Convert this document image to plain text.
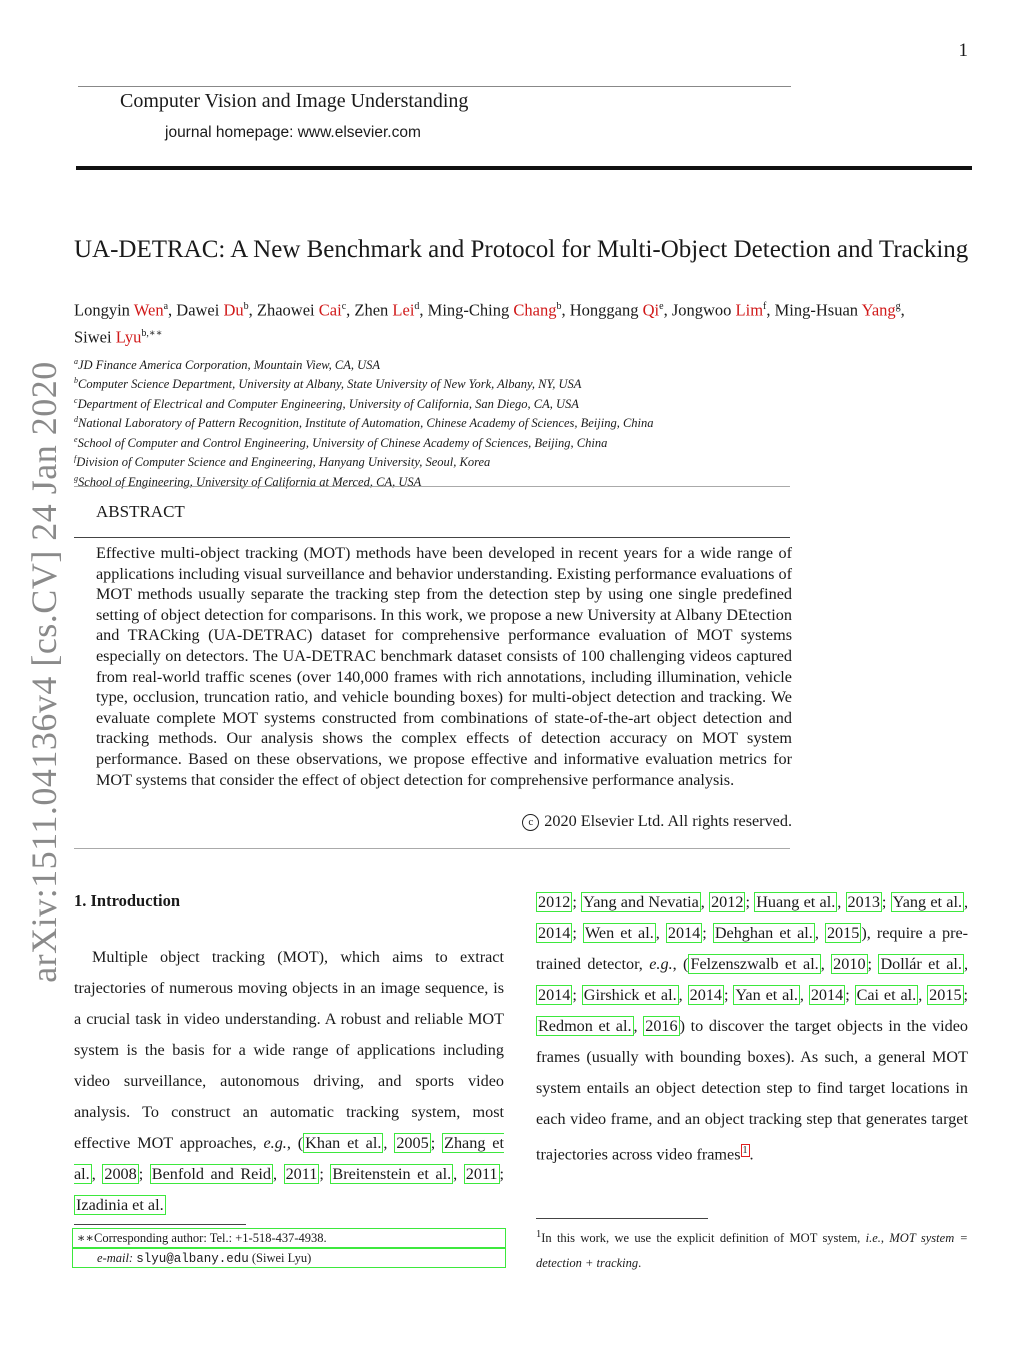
1
Computer Vision and Image Understanding
journal homepage: www.elsevier.com
UA-DETRAC: A New Benchmark and Protocol for Multi-Object Detection and Tracking
Longyin Wen$^a$, Dawei Du$^b$, Zhaowei Cai$^c$, Zhen Lei$^d$, Ming-Ching Chang$^b$, Honggang Qi$^e$, Jongwoo Lim$^f$, Ming-Hsuan Yang$^g$,
Siwei Lyu$^{b,∗∗}$
$^a$JD Finance America Corporation, Mountain View, CA, USA
$^b$Computer Science Department, University at Albany, State University of New York, Albany, NY, USA
$^c$Department of Electrical and Computer Engineering, University of California, San Diego, CA, USA
$^d$National Laboratory of Pattern Recognition, Institute of Automation, Chinese Academy of Sciences, Beijing, China
$^e$School of Computer and Control Engineering, University of Chinese Academy of Sciences, Beijing, China
$^f$Division of Computer Science and Engineering, Hanyang University, Seoul, Korea
$^g$School of Engineering, University of California at Merced, CA, USA
arXiv:1511.04136v4 [cs.CV] 24 Jan 2020 ABSTRACT
Effective multi-object tracking (MOT) methods have been developed in recent years for a wide range of applications including visual surveillance and behavior understanding. Existing performance evaluations of MOT methods usually separate the tracking step from the detection step by using one single predefined setting of object detection for comparisons. In this work, we propose a new University at Albany DEtection and TRACking (UA-DETRAC) dataset for comprehensive performance evaluation of MOT systems especially on detectors. The UA-DETRAC benchmark dataset consists of 100 challenging videos captured from real-world traffic scenes (over 140,000 frames with rich annotations, including illumination, vehicle type, occlusion, truncation ratio, and vehicle bounding boxes) for multi-object detection and tracking. We evaluate complete MOT systems constructed from combinations of state-of-the-art object detection and tracking methods. Our analysis shows the complex effects of detection accuracy on MOT system performance. Based on these observations, we propose effective and informative evaluation metrics for MOT systems that consider the effect of object detection for comprehensive performance analysis.
c 2020 Elsevier Ltd. All rights reserved.
1. Introduction
Multiple object tracking (MOT), which aims to extract trajectories of numerous moving objects in an image sequence, is a crucial task in video understanding. A robust and reliable MOT system is the basis for a wide range of applications including video surveillance, autonomous driving, and sports video analysis. To construct an automatic tracking system, most effective MOT approaches, e.g., ( Khan et al. , 2005 ; Zhang et al. , 2008 ; Benfold and Reid , 2011 ; Breitenstein et al. , 2011 ; Izadinia et al.
2012 ; Yang and Nevatia , 2012 ; Huang et al. , 2013 ; Yang et al. , 2014 ; Wen et al. , 2014 ; Dehghan et al. , 2015 ), require a pre-trained detector, e.g., ( Felzenszwalb et al. , 2010 ; Dollár et al. , 2014 ; Girshick et al. , 2014 ; Yan et al. , 2014 ; Cai et al. , 2015 ; Redmon et al. , 2016 ) to discover the target objects in the video frames (usually with bounding boxes). As such, a general MOT system entails an object detection step to find target locations in each video frame, and an object tracking step that generates target trajectories across video frames $^1$ .
∗∗Corresponding author: Tel.: +1-518-437-4938.
e-mail: slyu@albany.edu (Siwei Lyu)
$^1$In this work, we use the explicit definition of MOT system, i.e., MOT system = detection + tracking.
